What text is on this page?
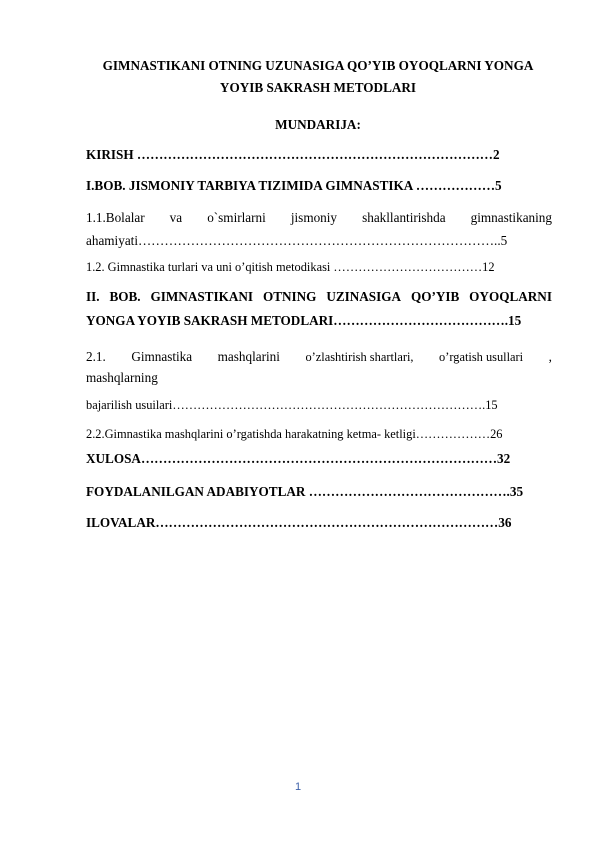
GIMNASTIKANI OTNING UZUNASIGA QO’YIB OYOQLARNI YONGA
YOYIB SAKRASH METODLARI
MUNDARIJA:
KIRISH ………………………………………………………………………2
I.BOB. JISMONIY TARBIYA TIZIMIDA GIMNASTIKA ………………5
1.1.Bolalar va o`smirlarni jismoniy shakllantirishda gimnastikaning
ahamiyati………………………………………………………………………..5
1.2. Gimnastika turlari va uni o’qitish metodikasi ………………………………12
II. BOB. GIMNASTIKANI OTNING UZINASIGA QO’YIB OYOQLARNI
YONGA YOYIB SAKRASH METODLARI………………………………….15
2.1. Gimnastika mashqlarini o’zlashtirish shartlari, o’rgatish usullari ,
mashqlarning
bajarilish usuilari………………………………………………………………….15
2.2.Gimnastika mashqlarini o’rgatishda harakatning ketma- ketligi………………26
XULOSA………………………………………………………………………32
FOYDALANILGAN ADABIYOTLAR ……………………………………….35
ILOVALAR……………………………………………………………………36
1
